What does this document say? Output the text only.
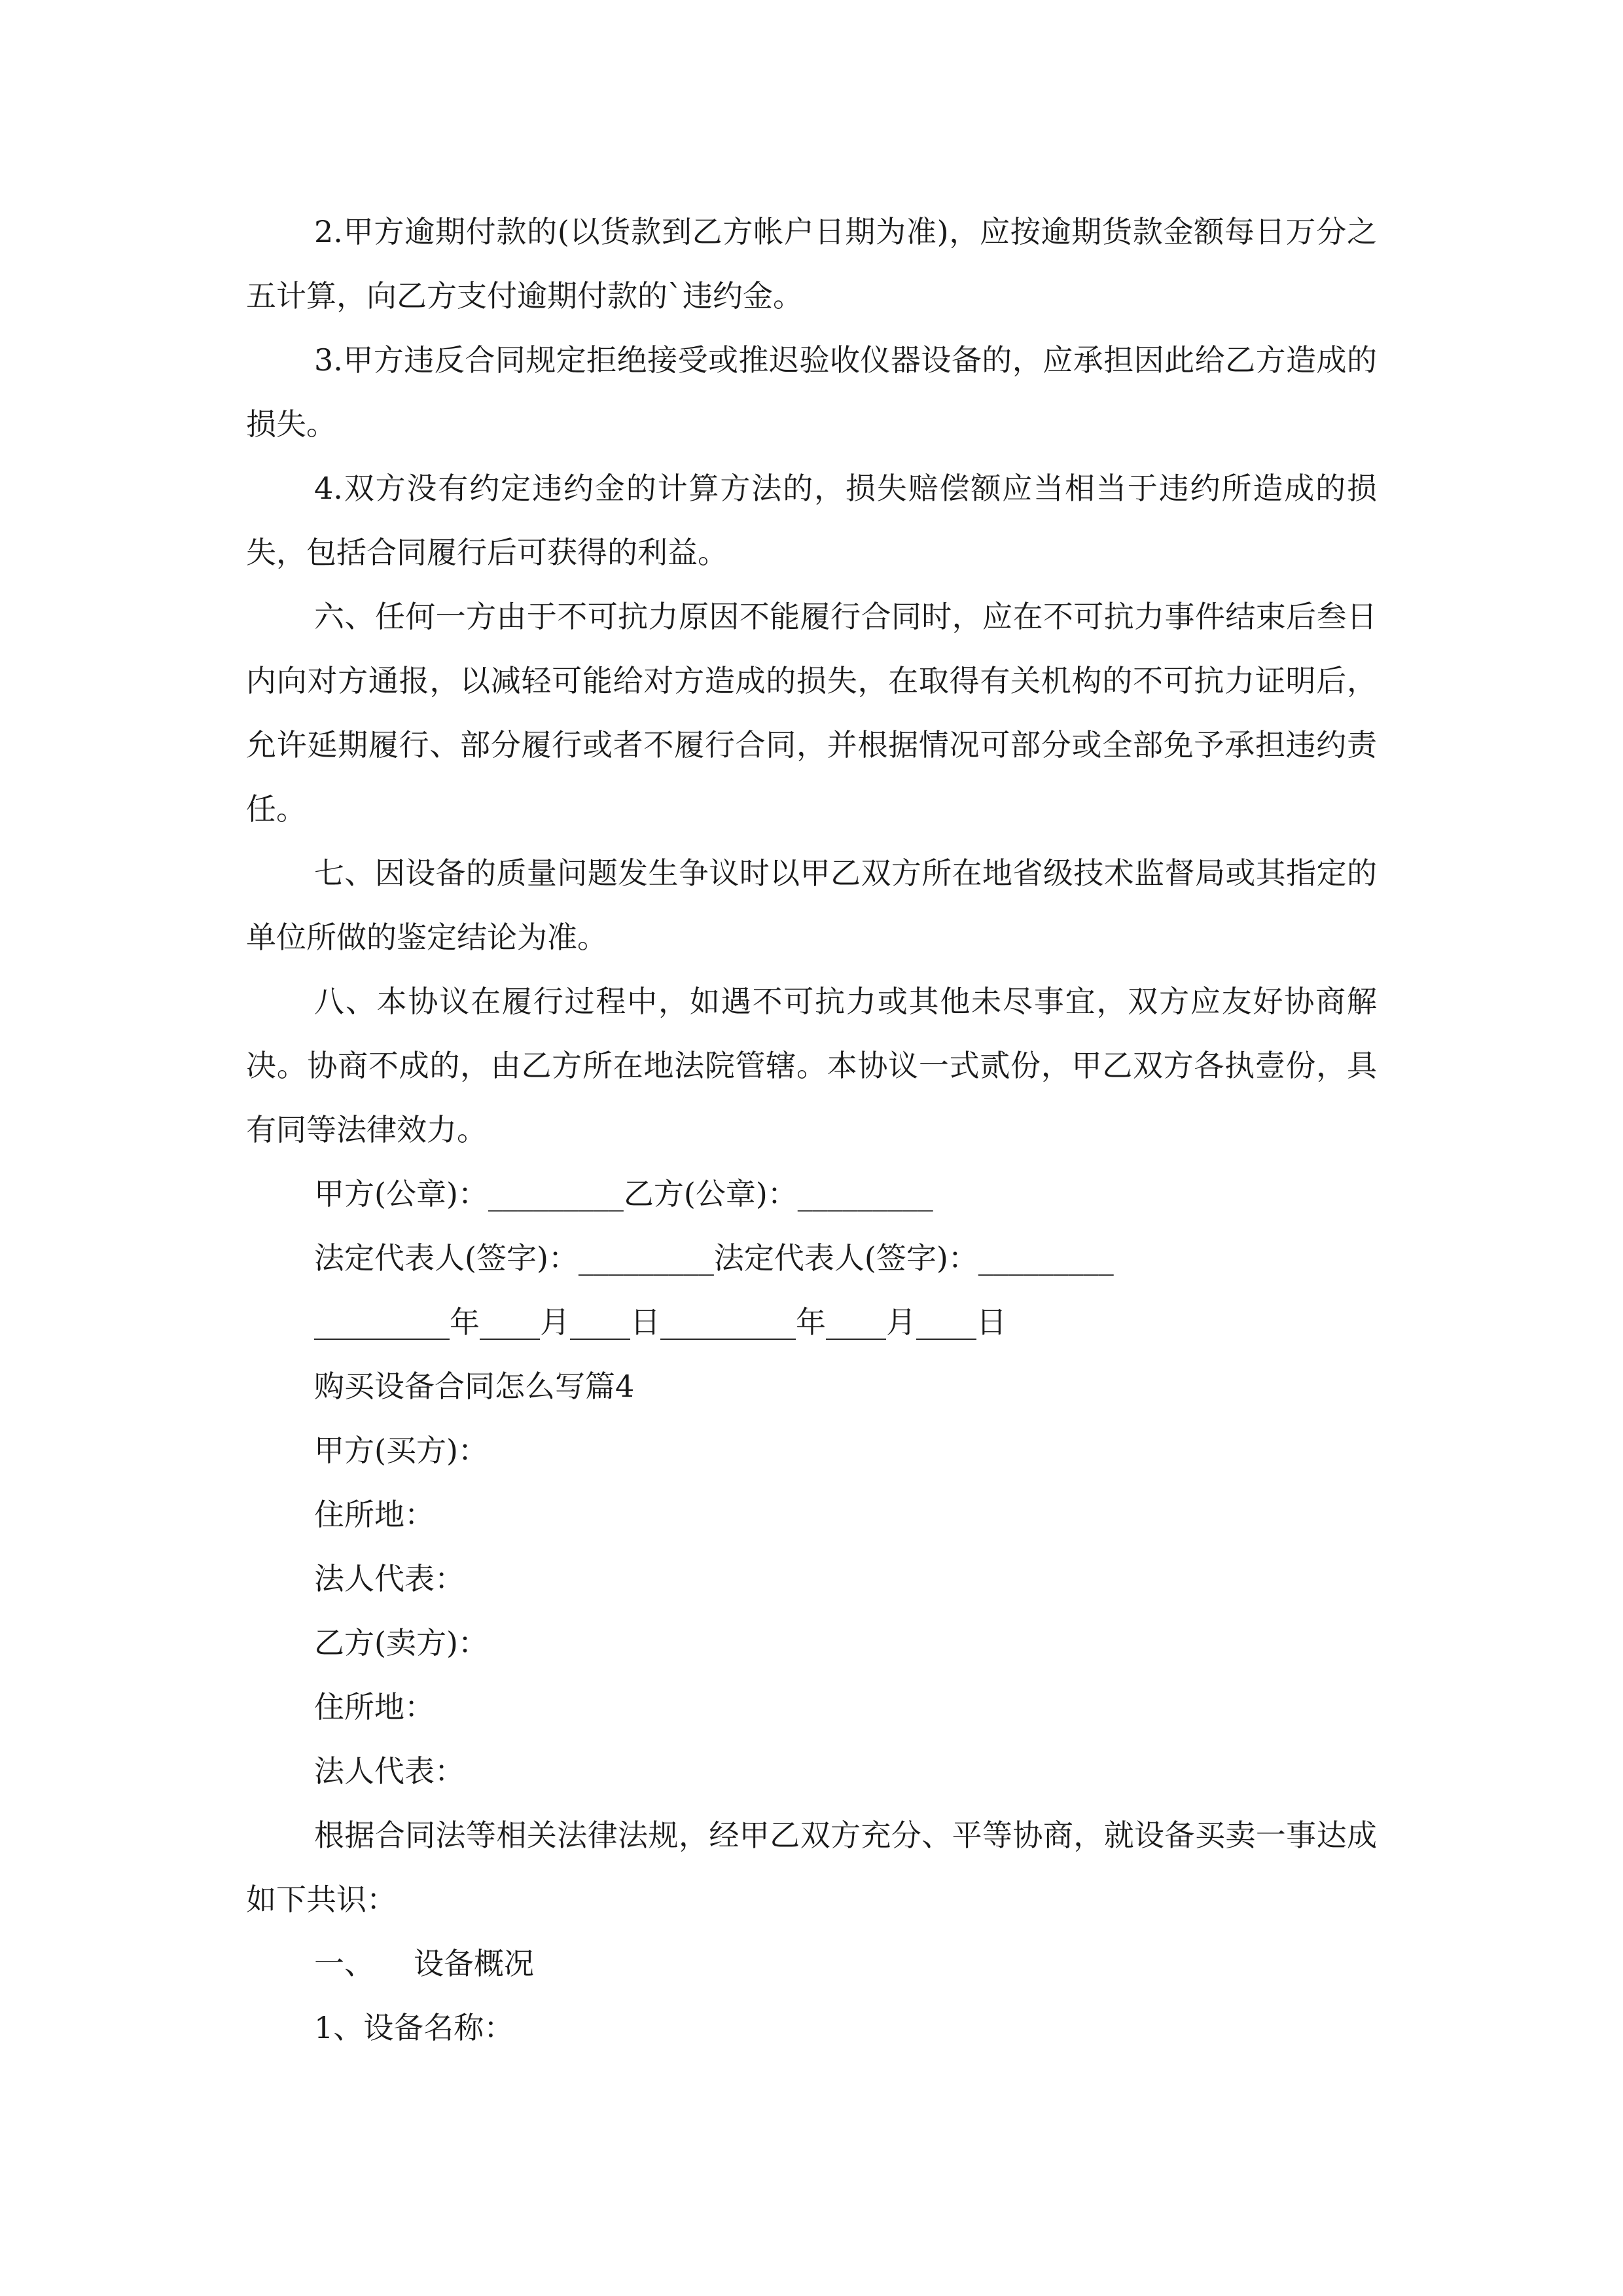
2.甲方逾期付款的(以货款到乙方帐户日期为准)，应按逾期货款金额每日万分之五计算，向乙方支付逾期付款的`违约金。

3.甲方违反合同规定拒绝接受或推迟验收仪器设备的，应承担因此给乙方造成的损失。

4.双方没有约定违约金的计算方法的，损失赔偿额应当相当于违约所造成的损失，包括合同履行后可获得的利益。

六、任何一方由于不可抗力原因不能履行合同时，应在不可抗力事件结束后叁日内向对方通报，以减轻可能给对方造成的损失，在取得有关机构的不可抗力证明后，允许延期履行、部分履行或者不履行合同，并根据情况可部分或全部免予承担违约责任。

七、因设备的质量问题发生争议时以甲乙双方所在地省级技术监督局或其指定的单位所做的鉴定结论为准。

八、本协议在履行过程中，如遇不可抗力或其他未尽事宜，双方应友好协商解决。协商不成的，由乙方所在地法院管辖。本协议一式贰份，甲乙双方各执壹份，具有同等法律效力。

甲方(公章)：_________乙方(公章)：_________

法定代表人(签字)：_________法定代表人(签字)：_________

_________年____月____日_________年____月____日

购买设备合同怎么写篇4

甲方(买方)：

住所地：

法人代表：

乙方(卖方)：

住所地：

法人代表：

根据合同法等相关法律法规，经甲乙双方充分、平等协商，就设备买卖一事达成如下共识：

一、 设备概况

1、设备名称：
